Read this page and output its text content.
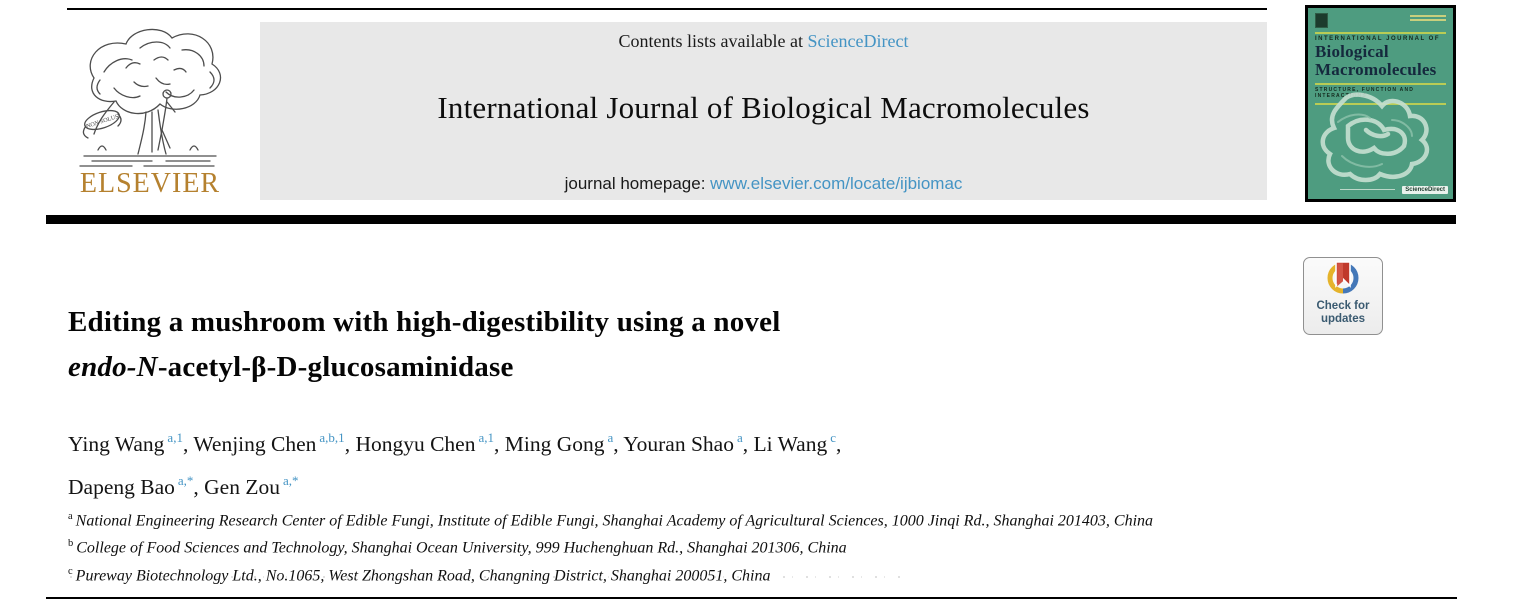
NON SOLUS
ELSEVIER
Contents lists available at ScienceDirect
International Journal of Biological Macromolecules
journal homepage: www.elsevier.com/locate/ijbiomac
INTERNATIONAL JOURNAL OF
Biological
Macromolecules
STRUCTURE, FUNCTION AND INTERACTIONS
ScienceDirect
Check for
updates
Editing a mushroom with high-digestibility using a novel
endo-N-acetyl-β-D-glucosaminidase
Ying Wang $^{a,1}$, Wenjing Chen $^{a,b,1}$, Hongyu Chen $^{a,1}$, Ming Gong $^a$, Youran Shao $^a$, Li Wang $^c$,
Dapeng Bao $^{a,*}$, Gen Zou $^{a,*}$
$^a$ National Engineering Research Center of Edible Fungi, Institute of Edible Fungi, Shanghai Academy of Agricultural Sciences, 1000 Jinqi Rd., Shanghai 201403, China
$^b$ College of Food Sciences and Technology, Shanghai Ocean University, 999 Huchenghuan Rd., Shanghai 201306, China
$^c$ Pureway Biotechnology Ltd., No.1065, West Zhongshan Road, Changning District, Shanghai 200051, China
